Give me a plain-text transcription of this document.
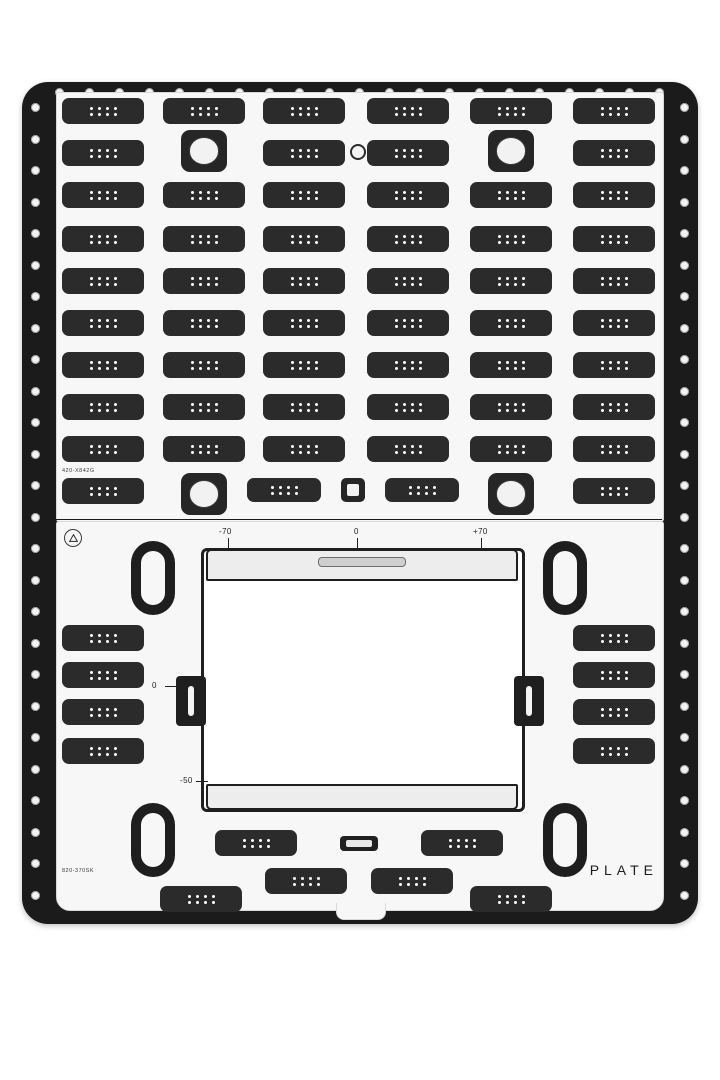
-70	0	+70
0
-50
420-X842G
820-370SK	PLATE
